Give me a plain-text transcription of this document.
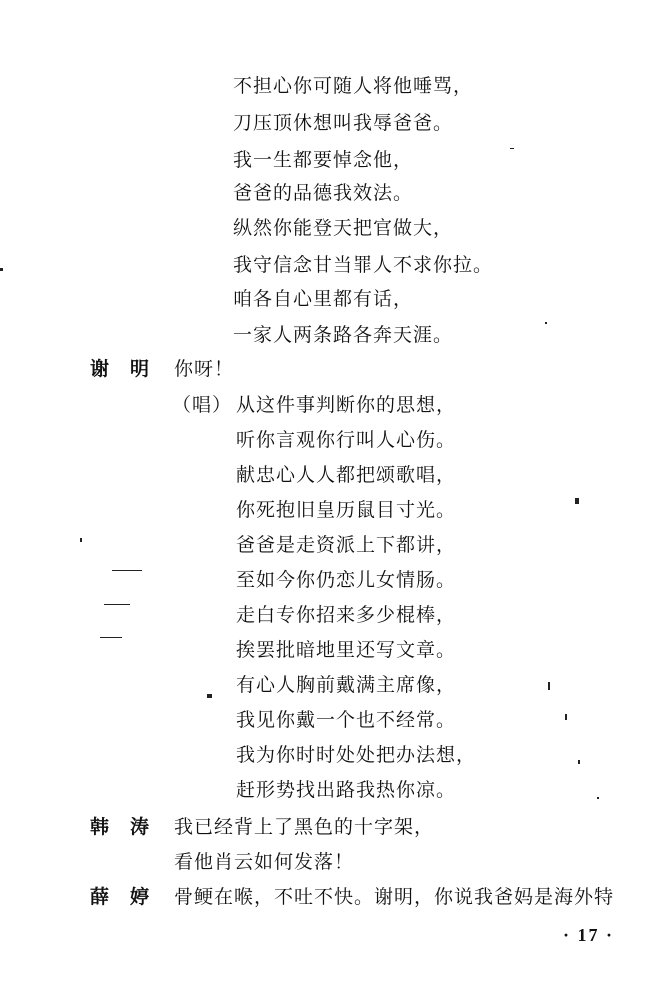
不担心你可随人将他唾骂，
刀压顶休想叫我辱爸爸。
我一生都要悼念他，
爸爸的品德我效法。
纵然你能登天把官做大，
我守信念甘当罪人不求你拉。
咱各自心里都有话，
一家人两条路各奔天涯。
谢　明 你呀！
（唱） 从这件事判断你的思想，
听你言观你行叫人心伤。
献忠心人人都把颂歌唱，
你死抱旧皇历鼠目寸光。
爸爸是走资派上下都讲，
至如今你仍恋儿女情肠。
走白专你招来多少棍棒，
挨罢批暗地里还写文章。
有心人胸前戴满主席像，
我见你戴一个也不经常。
我为你时时处处把办法想，
赶形势找出路我热你凉。
韩　涛 我已经背上了黑色的十字架，
看他肖云如何发落！
薛　婷 骨鲠在喉，不吐不快。谢明，你说我爸妈是海外特
· 17 ·
